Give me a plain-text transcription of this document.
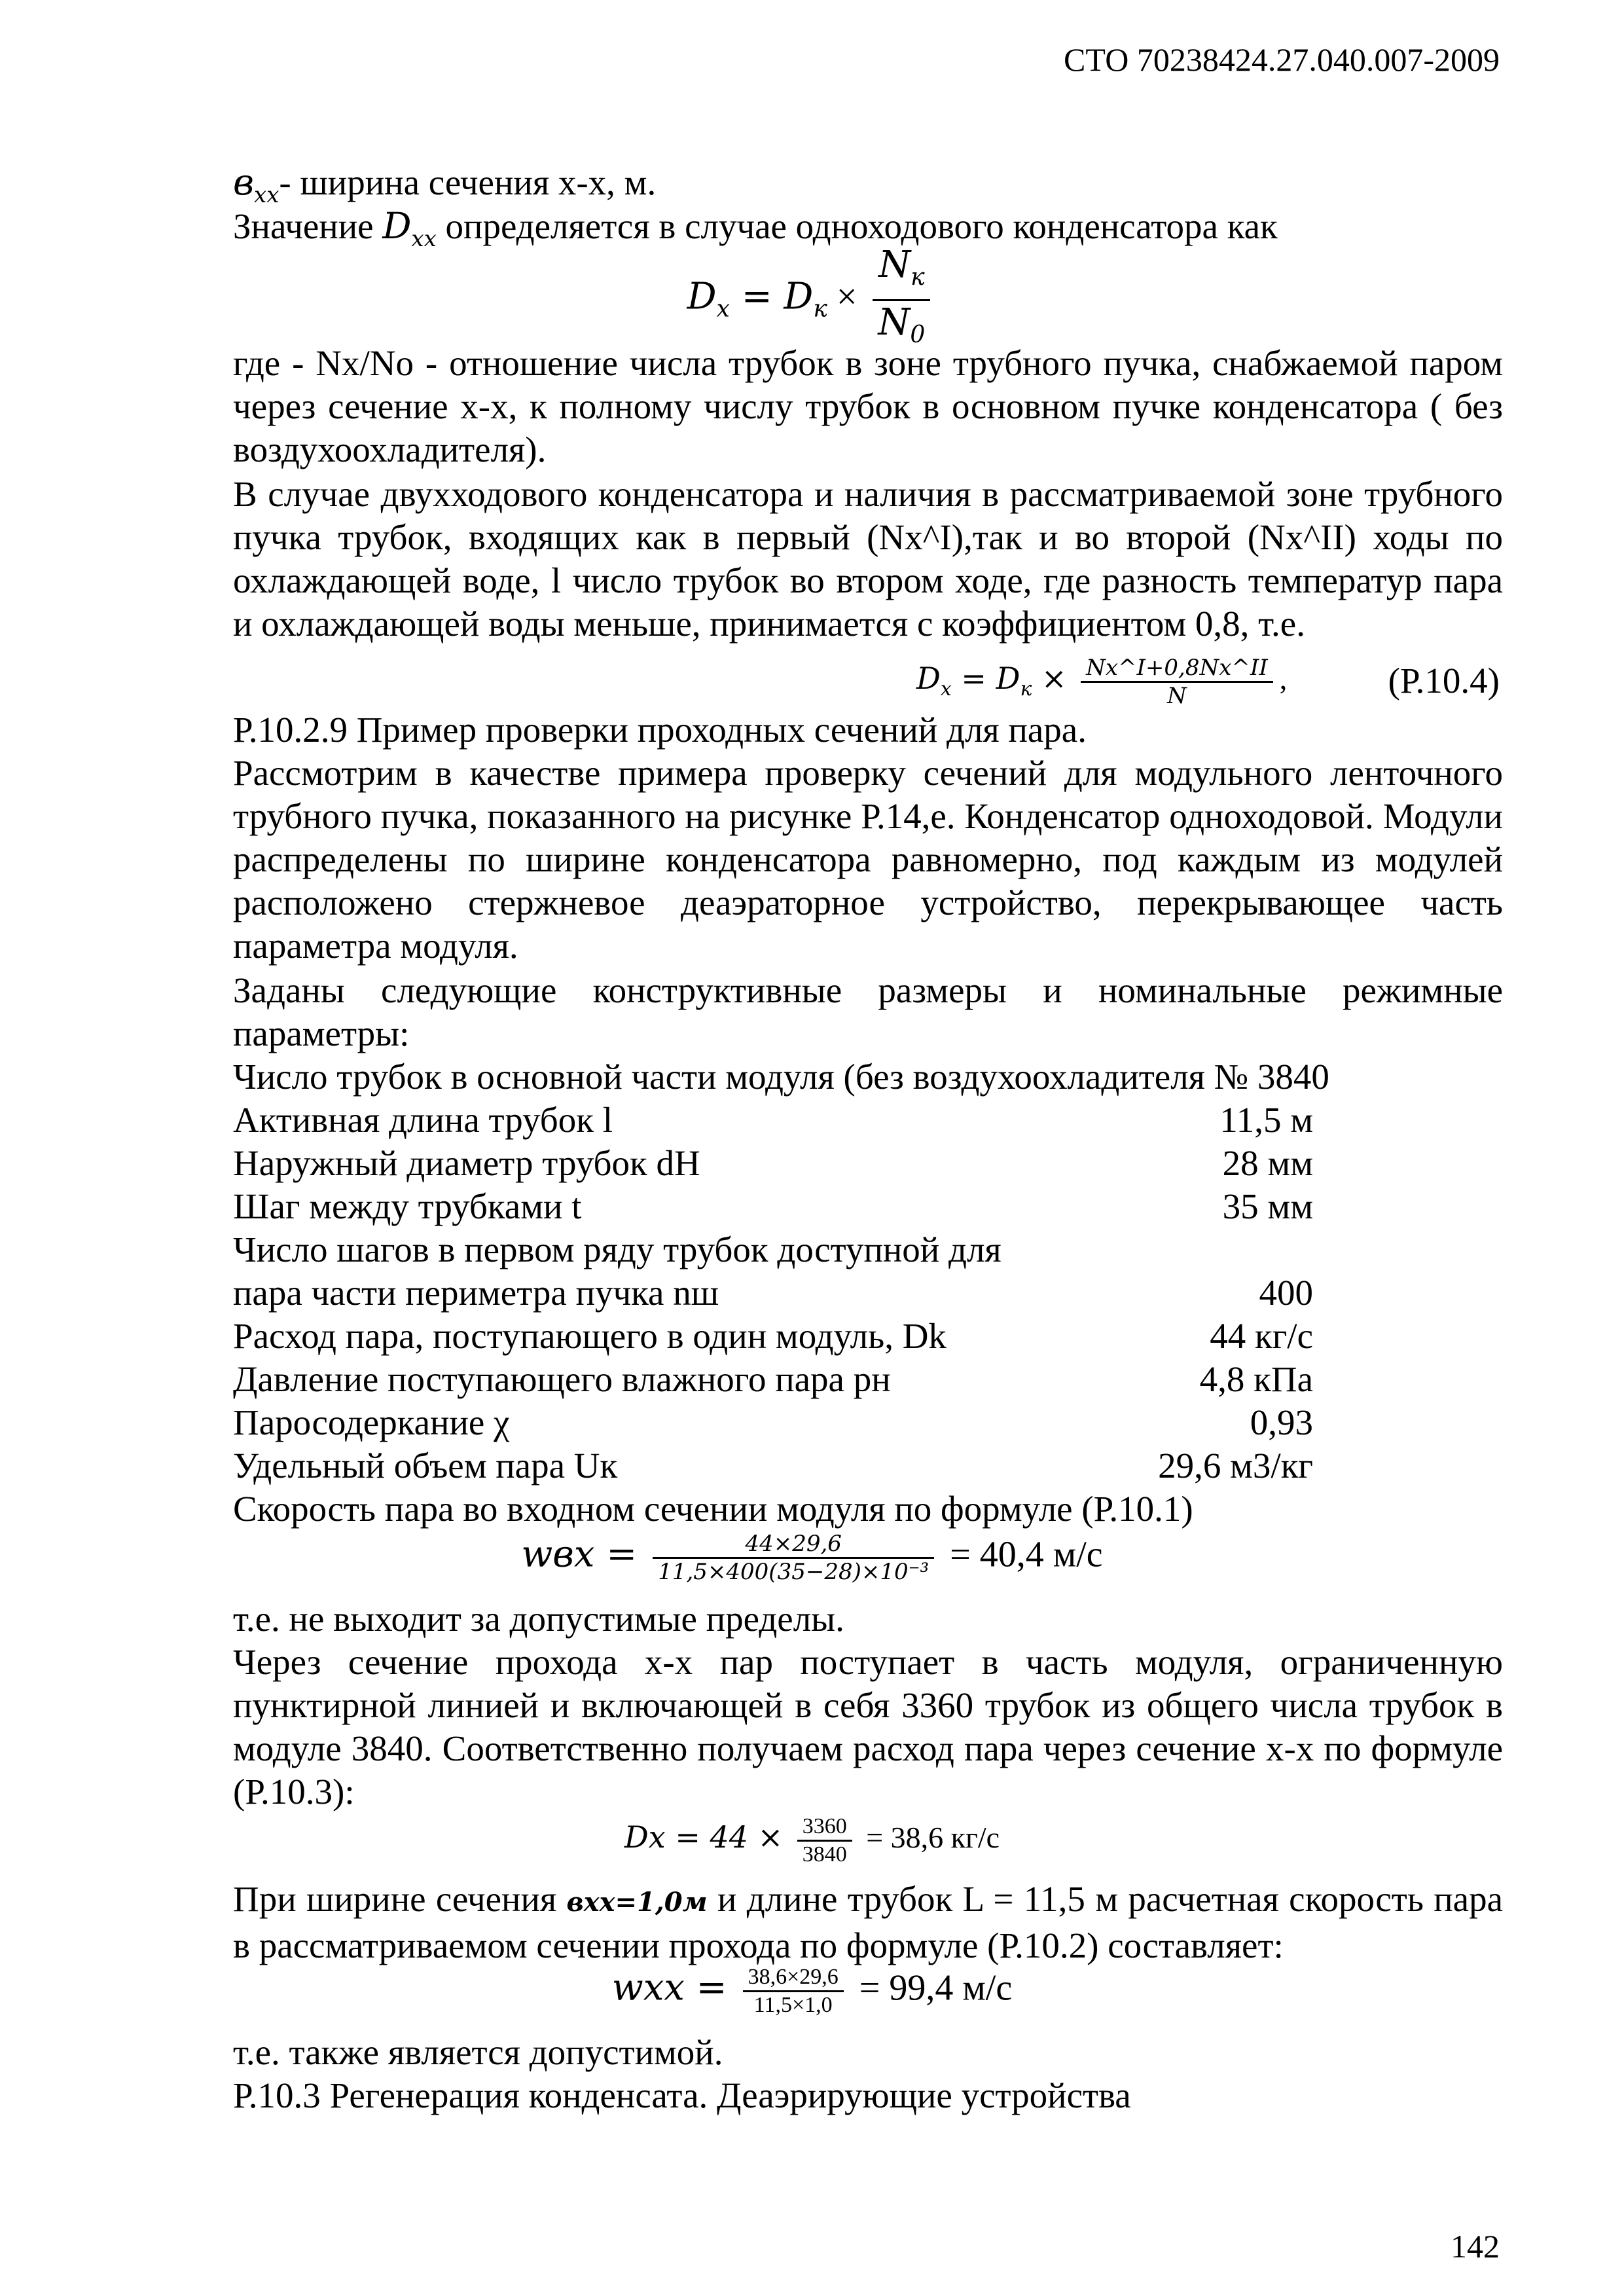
СТО 70238424.27.040.007-2009
$в_{xx}-$ ширина сечения x-x, м.
Значение $D_{xx}$ определяется в случае одноходового конденсатора как
$D_x = D_к \times \frac{N_к}{N_0}$
где - Nx/No - отношение числа трубок в зоне трубного пучка, снабжаемой паром через сечение x-x, к полному числу трубок в основном пучке конденсатора ( без воздухоохладителя).
В случае двухходового конденсатора и наличия в рассматриваемой зоне трубного пучка трубок, входящих как в первый (Nx^I),так и во второй (Nx^II) ходы по охлаждающей воде, l число трубок во втором ходе, где разность температур пара и охлаждающей воды меньше, принимается с коэффициентом 0,8, т.е.
$D_x = D_к \times \frac{Nx\^{}I+0,8Nx\^{}II}{N}$ ,	(Р.10.4)
Р.10.2.9 Пример проверки проходных сечений для пара.
Рассмотрим в качестве примера проверку сечений для модульного ленточного трубного пучка, показанного на рисунке Р.14,е. Конденсатор одноходовой. Модули распределены по ширине конденсатора равномерно, под каждым из модулей расположено стержневое деаэраторное устройство, перекрывающее часть параметра модуля.
Заданы следующие конструктивные размеры и номинальные режимные параметры:
Число трубок в основной части модуля (без воздухоохладителя № 3840
Активная длина трубок l	11,5 м
Наружный диаметр трубок dH	28 мм
Шаг между трубками t	35 мм
Число шагов в первом ряду трубок доступной для
пара части периметра пучка nш	400
Расход пара, поступающего в один модуль, Dk	44 кг/с
Давление поступающего влажного пара pн	4,8 кПа
Паросодеркание χ	0,93
Удельный объем пара Uк	29,6 м3/кг
Скорость пара во входном сечении модуля по формуле (Р.10.1)
wвх = $\frac{44\times 29,6}{\text{11,5×400(35−28)×10⁻³}} = 40,4$ м/с
т.е. не выходит за допустимые пределы.
Через сечение прохода х-х пар поступает в часть модуля, ограниченную пунктирной линией и включающей в себя 3360 трубок из общего числа трубок в модуле 3840. Соответственно получаем расход пара через сечение х-х по формуле (Р.10.3):
$Dx = 44 \times \frac{3360}{3840} = 38,6$ кг/с
При ширине сечения вxx=1,0м и длине трубок L = 11,5 м расчетная скорость пара в рассматриваемом сечении прохода по формуле (Р.10.2) составляет:
wxx = $\frac{38,6\times 29,6}{11,5\times 1,0} = 99,4$ м/с
т.е. также является допустимой.
Р.10.3 Регенерация конденсата. Деаэрирующие устройства
142
